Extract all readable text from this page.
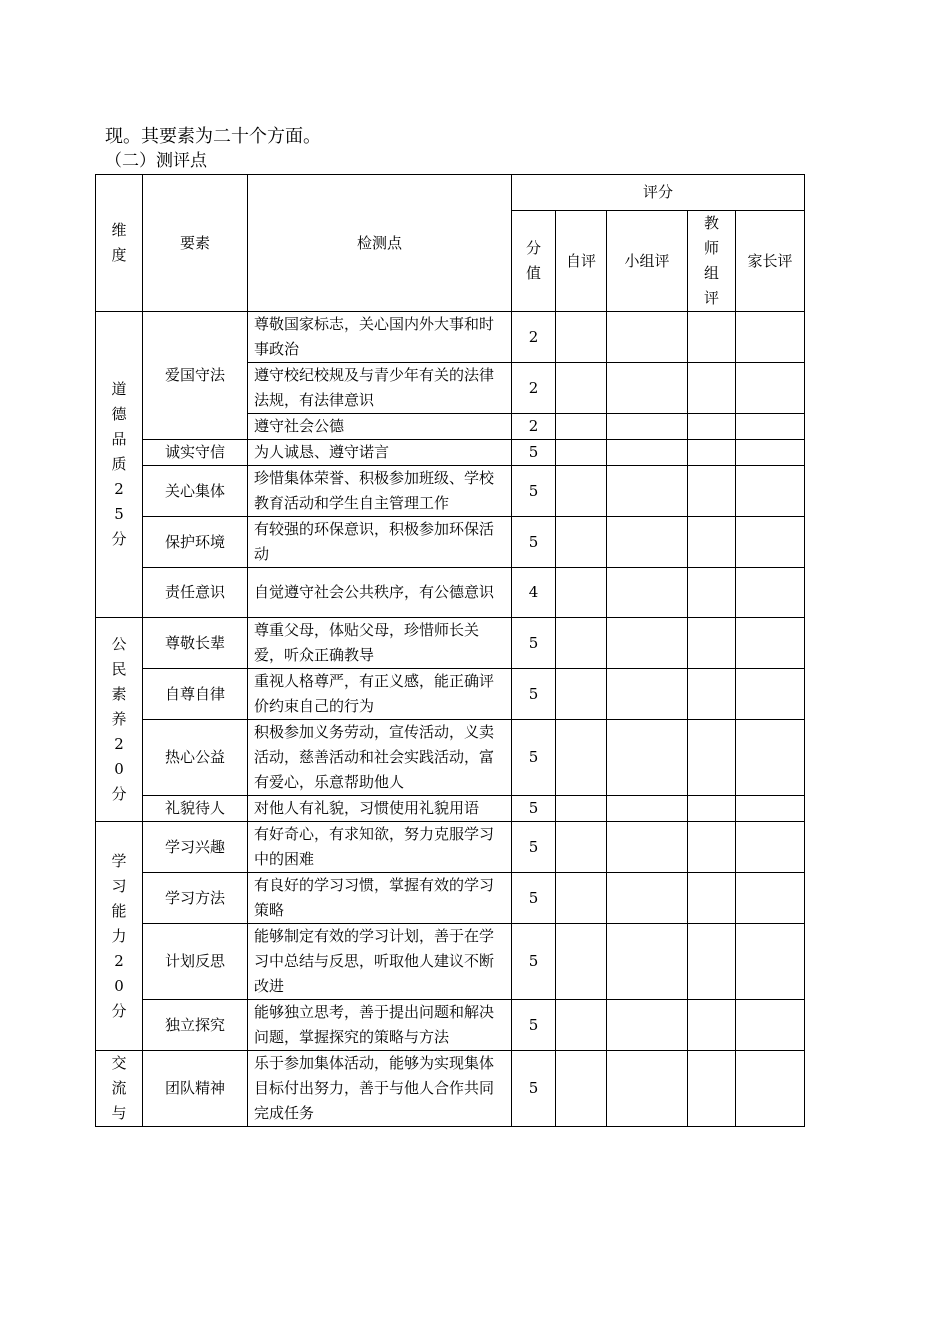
现。其要素为二十个方面。
（二）测评点
维度	要素	检测点	评分				

			分值	自评	小组评	教师组评	家长评

道德品质25分	爱国守法	尊敬国家标志，关心国内外大事和时事政治	2				
		遵守校纪校规及与青少年有关的法律法规，有法律意识	2				
		遵守社会公德	2				
	诚实守信	为人诚恳、遵守诺言	5				
	关心集体	珍惜集体荣誉、积极参加班级、学校教育活动和学生自主管理工作	5				
	保护环境	有较强的环保意识，积极参加环保活动	5				
	责任意识	自觉遵守社会公共秩序，有公德意识	4				

公民素养20分	尊敬长辈	尊重父母，体贴父母，珍惜师长关爱，听众正确教导	5				
	自尊自律	重视人格尊严，有正义感，能正确评价约束自己的行为	5				
	热心公益	积极参加义务劳动，宣传活动，义卖活动，慈善活动和社会实践活动，富有爱心，乐意帮助他人	5				
	礼貌待人	对他人有礼貌，习惯使用礼貌用语	5				

学习能力20分	学习兴趣	有好奇心，有求知欲，努力克服学习中的困难	5				
	学习方法	有良好的学习习惯，掌握有效的学习策略	5				
	计划反思	能够制定有效的学习计划，善于在学习中总结与反思，听取他人建议不断改进	5				
	独立探究	能够独立思考，善于提出问题和解决问题，掌握探究的策略与方法	5				

交流与	团队精神	乐于参加集体活动，能够为实现集体目标付出努力，善于与他人合作共同完成任务	5				
